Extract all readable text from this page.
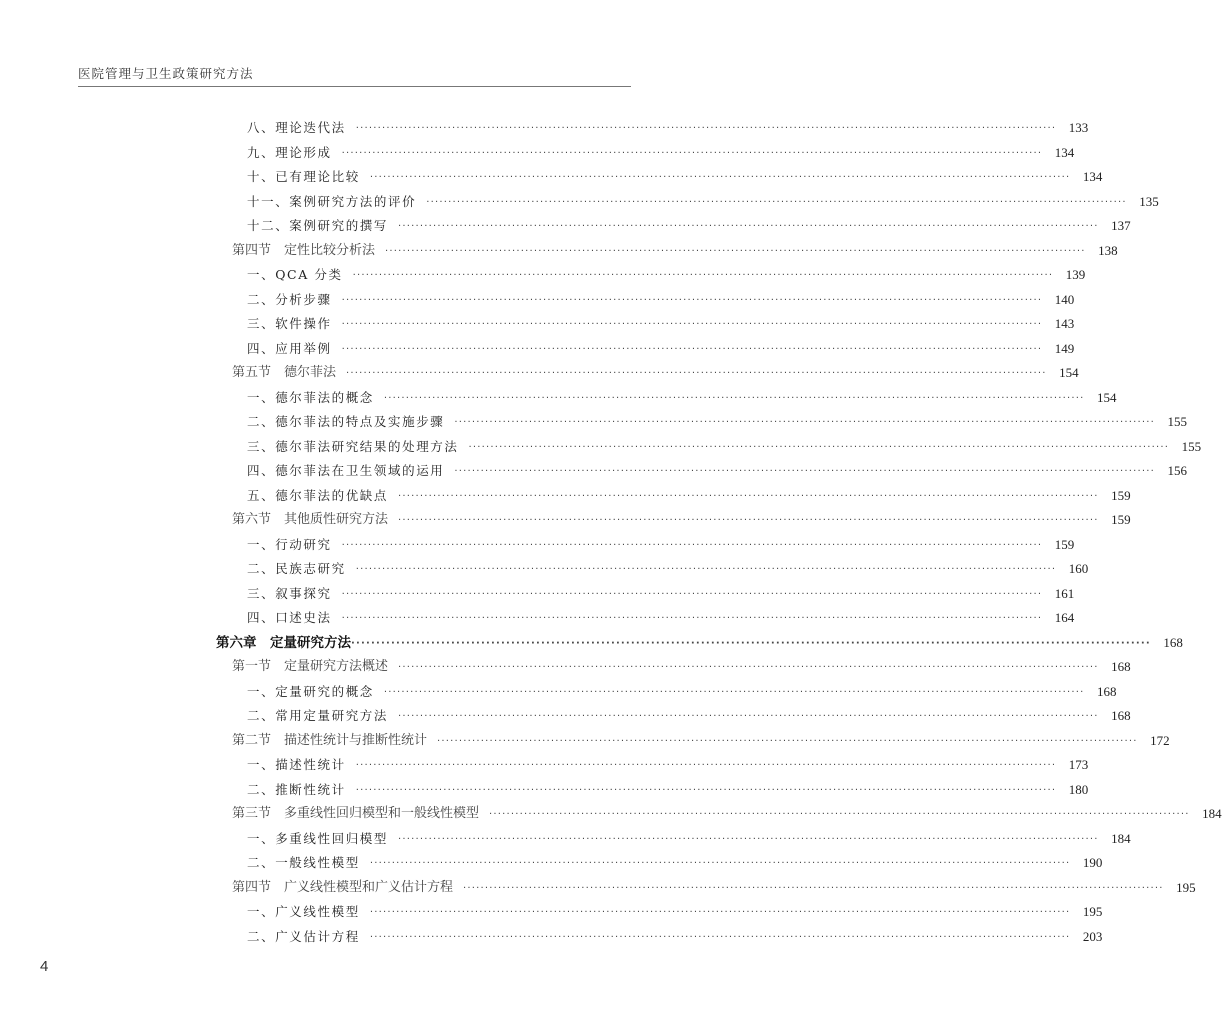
医院管理与卫生政策研究方法
八、理论迭代法 ································································································································································ 133
九、理论形成 ································································································································································ 134
十、已有理论比较 ································································································································································ 134
十一、案例研究方法的评价 ································································································································································ 135
十二、案例研究的撰写 ································································································································································ 137
第四节　定性比较分析法 ································································································································································ 138
一、QCA 分类 ································································································································································ 139
二、分析步骤 ································································································································································ 140
三、软件操作 ································································································································································ 143
四、应用举例 ································································································································································ 149
第五节　德尔菲法 ································································································································································ 154
一、德尔菲法的概念 ································································································································································ 154
二、德尔菲法的特点及实施步骤 ································································································································································ 155
三、德尔菲法研究结果的处理方法 ································································································································································ 155
四、德尔菲法在卫生领域的运用 ································································································································································ 156
五、德尔菲法的优缺点 ································································································································································ 159
第六节　其他质性研究方法 ································································································································································ 159
一、行动研究 ································································································································································ 159
二、民族志研究 ································································································································································ 160
三、叙事探究 ································································································································································ 161
四、口述史法 ································································································································································ 164
第六章　定量研究方法 ································································································································································ 168
第一节　定量研究方法概述 ································································································································································ 168
一、定量研究的概念 ································································································································································ 168
二、常用定量研究方法 ································································································································································ 168
第二节　描述性统计与推断性统计 ································································································································································ 172
一、描述性统计 ································································································································································ 173
二、推断性统计 ································································································································································ 180
第三节　多重线性回归模型和一般线性模型 ································································································································································ 184
一、多重线性回归模型 ································································································································································ 184
二、一般线性模型 ································································································································································ 190
第四节　广义线性模型和广义估计方程 ································································································································································ 195
一、广义线性模型 ································································································································································ 195
二、广义估计方程 ································································································································································ 203
4
